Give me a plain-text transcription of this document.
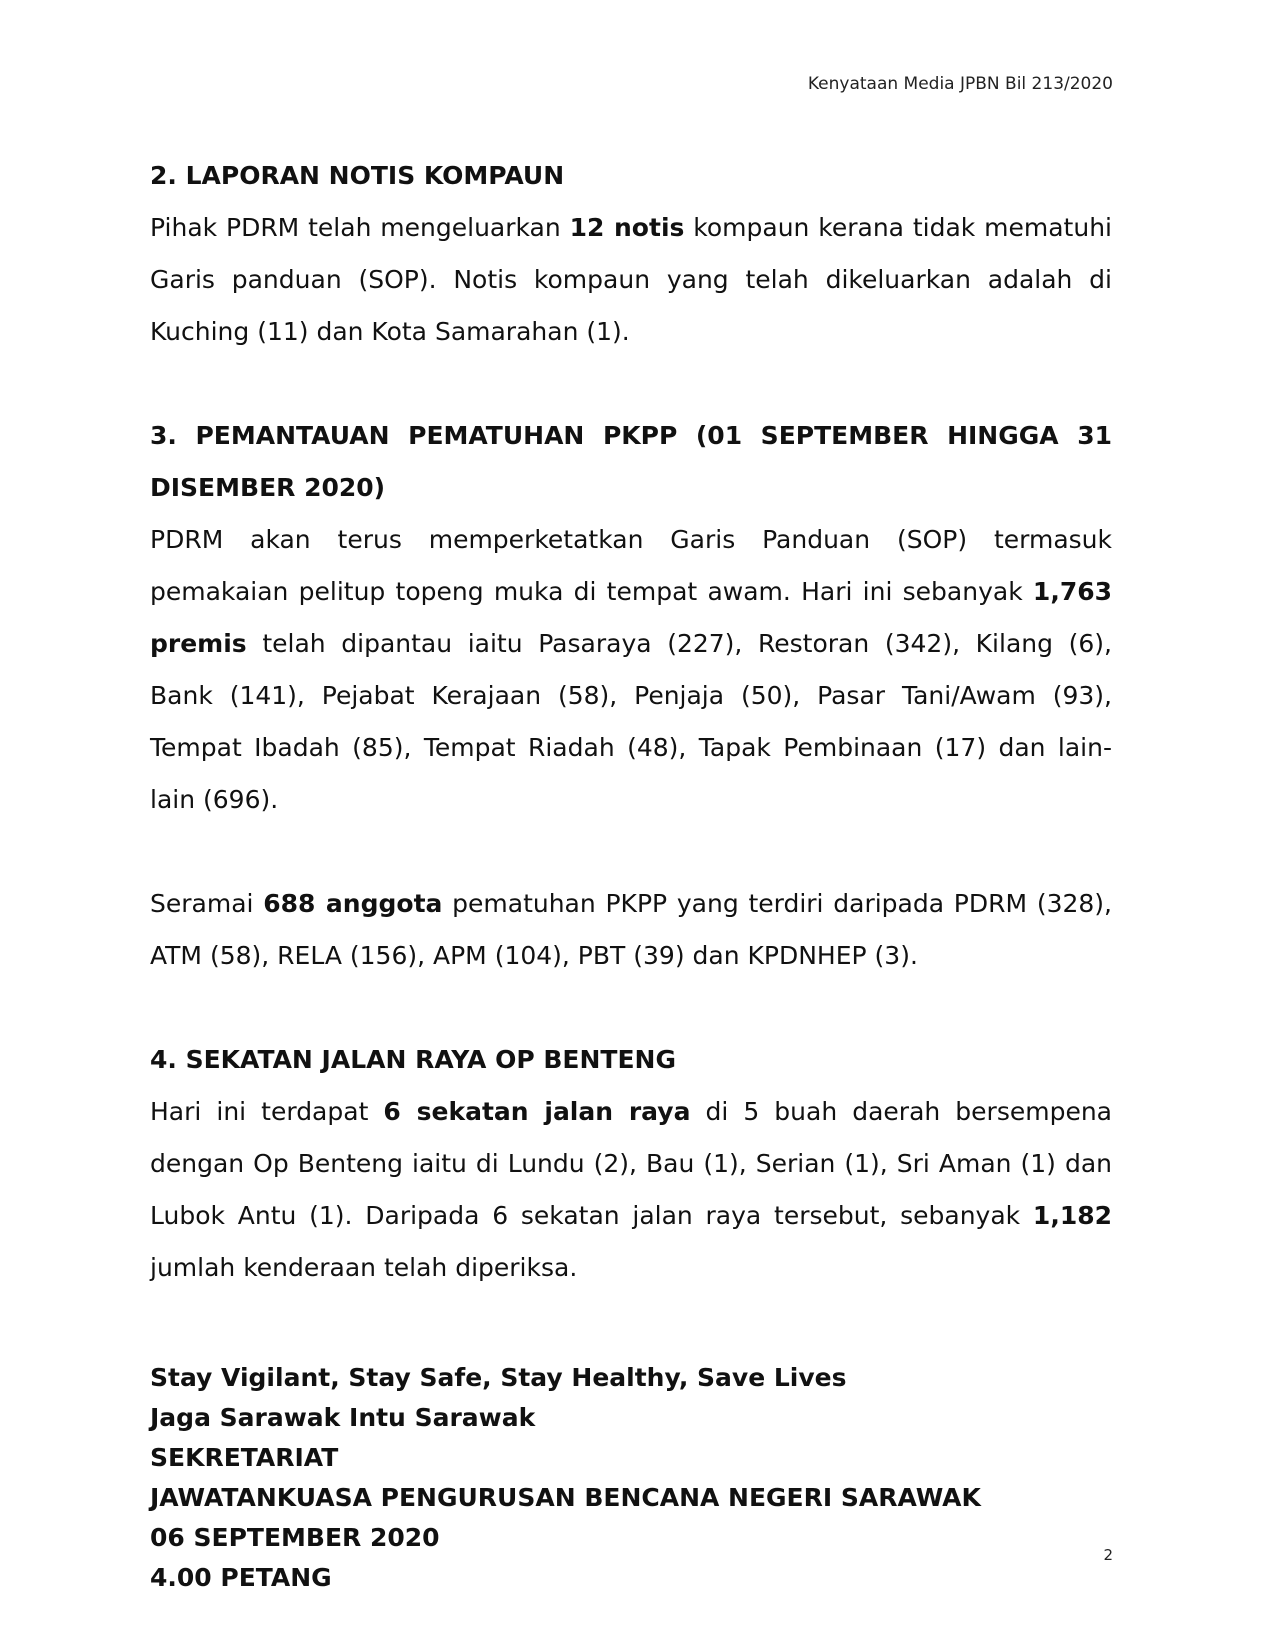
Kenyataan Media JPBN Bil 213/2020
2. LAPORAN NOTIS KOMPAUN

Pihak PDRM telah mengeluarkan 12 notis kompaun kerana tidak mematuhi Garis panduan (SOP). Notis kompaun yang telah dikeluarkan adalah di Kuching (11) dan Kota Samarahan (1).

3. PEMANTAUAN PEMATUHAN PKPP (01 SEPTEMBER HINGGA 31 DISEMBER 2020)

PDRM akan terus memperketatkan Garis Panduan (SOP) termasuk pemakaian pelitup topeng muka di tempat awam. Hari ini sebanyak 1,763 premis telah dipantau iaitu Pasaraya (227), Restoran (342), Kilang (6), Bank (141), Pejabat Kerajaan (58), Penjaja (50), Pasar Tani/Awam (93), Tempat Ibadah (85), Tempat Riadah (48), Tapak Pembinaan (17) dan lain-lain (696).

Seramai 688 anggota pematuhan PKPP yang terdiri daripada PDRM (328), ATM (58), RELA (156), APM (104), PBT (39) dan KPDNHEP (3).

4. SEKATAN JALAN RAYA OP BENTENG

Hari ini terdapat 6 sekatan jalan raya di 5 buah daerah bersempena dengan Op Benteng iaitu di Lundu (2), Bau (1), Serian (1), Sri Aman (1) dan Lubok Antu (1). Daripada 6 sekatan jalan raya tersebut, sebanyak 1,182 jumlah kenderaan telah diperiksa.

Stay Vigilant, Stay Safe, Stay Healthy, Save Lives

Jaga Sarawak Intu Sarawak

SEKRETARIAT

JAWATANKUASA PENGURUSAN BENCANA NEGERI SARAWAK

06 SEPTEMBER 2020

4.00 PETANG

2
